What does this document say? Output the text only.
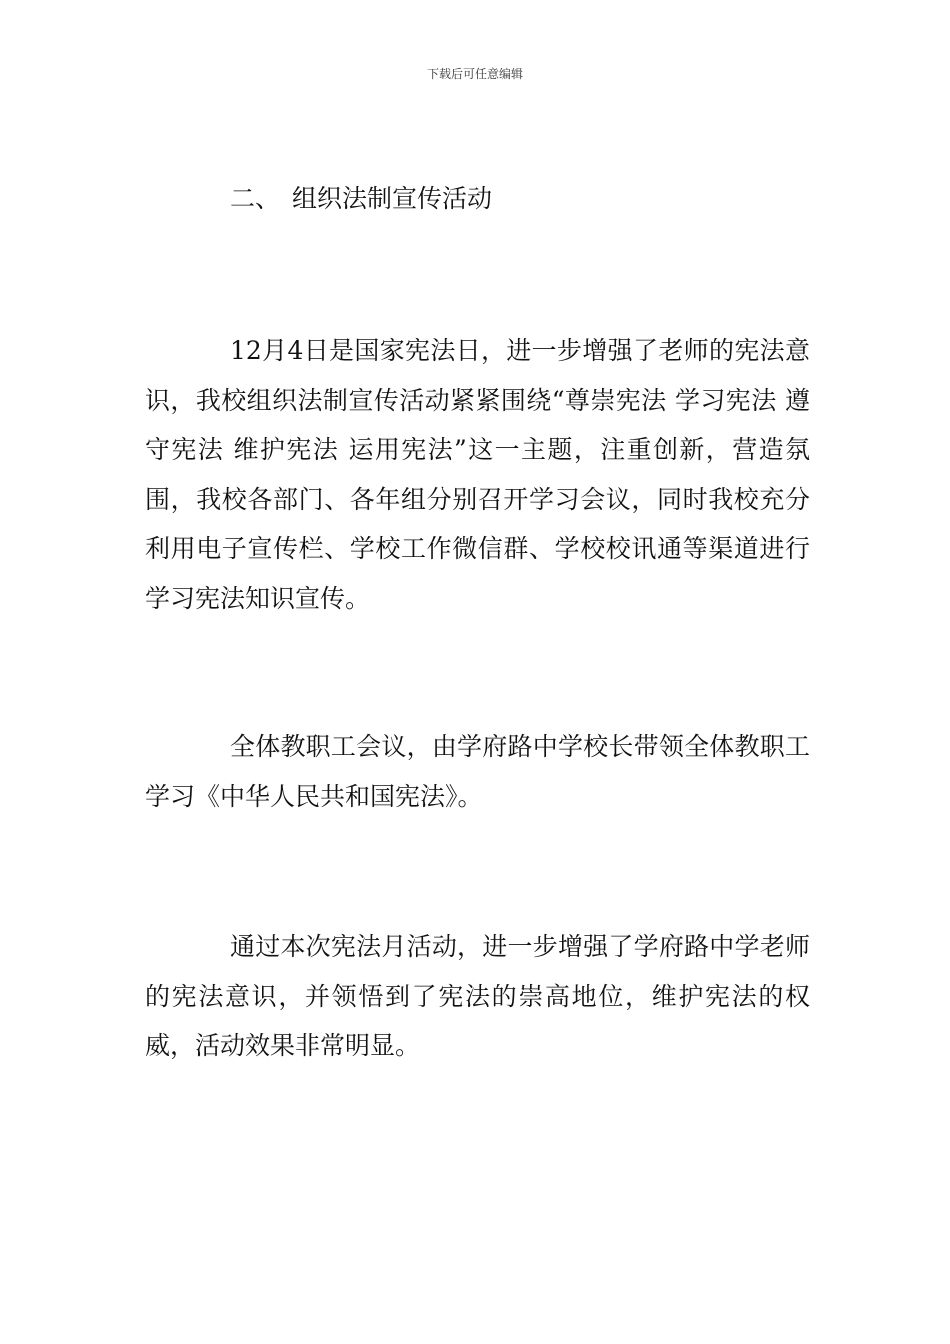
下载后可任意编辑
二、 组织法制宣传活动

12月4日是国家宪法日，进一步增强了老师的宪法意识，我校组织法制宣传活动紧紧围绕“尊崇宪法 学习宪法 遵守宪法 维护宪法 运用宪法”这一主题，注重创新，营造氛围，我校各部门、各年组分别召开学习会议，同时我校充分利用电子宣传栏、学校工作微信群、学校校讯通等渠道进行学习宪法知识宣传。

全体教职工会议，由学府路中学校长带领全体教职工学习《中华人民共和国宪法》。

通过本次宪法月活动，进一步增强了学府路中学老师的宪法意识，并领悟到了宪法的崇高地位，维护宪法的权威，活动效果非常明显。
